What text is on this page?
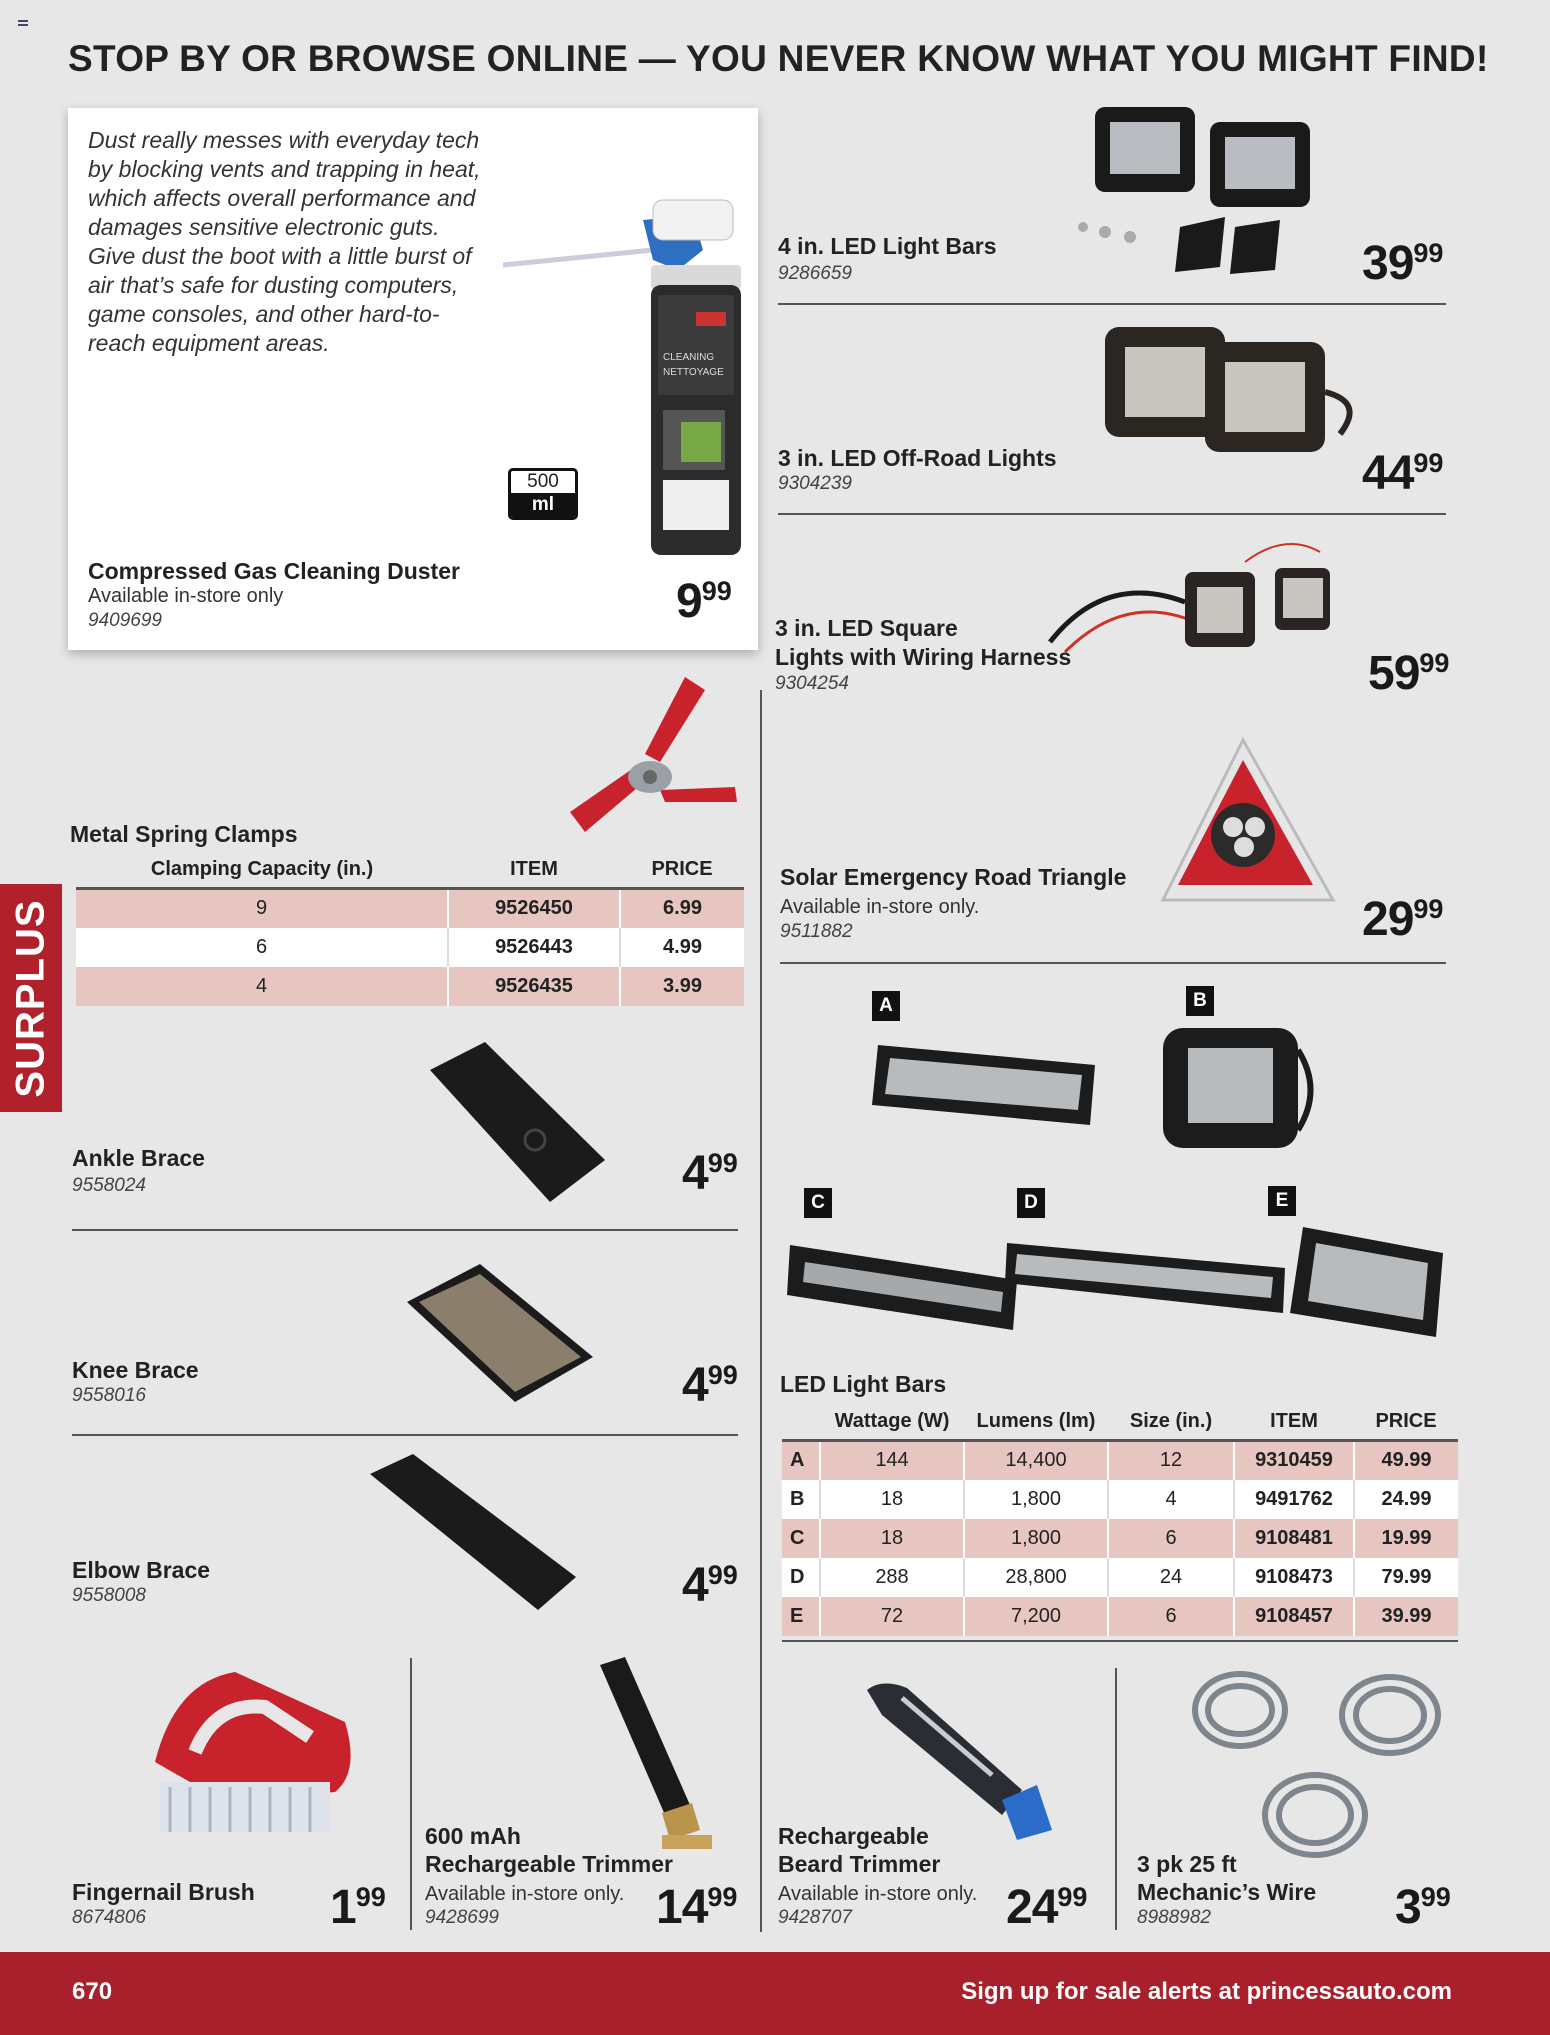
STOP BY OR BROWSE ONLINE — YOU NEVER KNOW WHAT YOU MIGHT FIND!
SURPLUS
Dust really messes with everyday tech by blocking vents and trapping in heat, which affects overall performance and damages sensitive electronic guts. Give dust the boot with a little burst of air that’s safe for dusting computers, game consoles, and other hard-to-reach equipment areas.
CLEANING
NETTOYAGE
500
ml
Compressed Gas Cleaning Duster
Available in-store only
9409699	999
Metal Spring Clamps
Clamping Capacity (in.)	ITEM	PRICE
9	9526450	6.99
6	9526443	4.99
4	9526435	3.99
Ankle Brace
9558024	499
Knee Brace
9558016	499
Elbow Brace
9558008	499
4 in. LED Light Bars
9286659	3999
3 in. LED Off-Road Lights
9304239	4499
3 in. LED Square
Lights with Wiring Harness
9304254	5999
Solar Emergency Road Triangle
Available in-store only.
9511882	2999
A	B
C	D	E
LED Light Bars
	Wattage (W)	Lumens (lm)	Size (in.)	ITEM	PRICE
A	144	14,400	12	9310459	49.99
B	18	1,800	4	9491762	24.99
C	18	1,800	6	9108481	19.99
D	288	28,800	24	9108473	79.99
E	72	7,200	6	9108457	39.99
Fingernail Brush
8674806	199
600 mAh
Rechargeable Trimmer
Available in-store only.
9428699	1499
Rechargeable
Beard Trimmer
Available in-store only.
9428707	2499
3 pk 25 ft
Mechanic’s Wire
8988982	399
670	Sign up for sale alerts at princessauto.com
